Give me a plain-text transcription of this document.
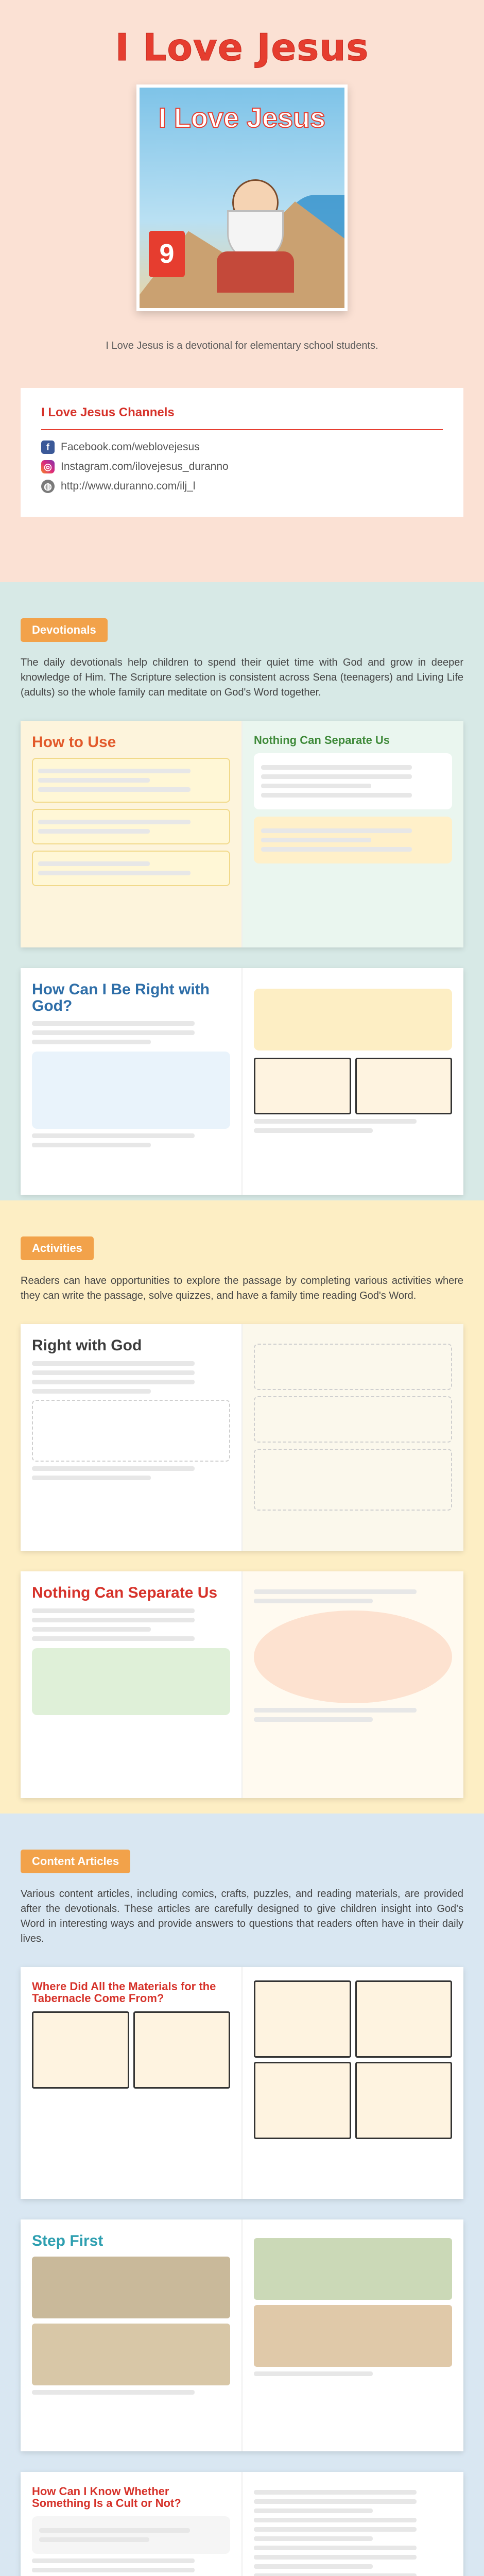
I Love Jesus
I Love Jesus
9

I Love Jesus is a devotional for elementary school students.

I Love Jesus Channels
f	Facebook.com/weblovejesus
◎ Instagram.com/ilovejesus_duranno
◍ http://www.duranno.com/ilj_l
Devotionals

The daily devotionals help children to spend their quiet time with God and grow in deeper knowledge of Him. The Scripture selection is consistent across Sena (teenagers) and Living Life (adults) so the whole family can meditate on God's Word together.

How to Use	Nothing Can Separate Us
How Can I Be Right with God?
Activities

Readers can have opportunities to explore the passage by completing various activities where they can write the passage, solve quizzes, and have a family time reading God's Word.

Right with God
Nothing Can Separate Us
Content Articles

Various content articles, including comics, crafts, puzzles, and reading materials, are provided after the devotionals. These articles are carefully designed to give children insight into God's Word in interesting ways and provide answers to questions that readers often have in their daily lives.

Where Did All the Materials for the Tabernacle Come From?
Step First
How Can I Know Whether Something Is a Cult or Not?
